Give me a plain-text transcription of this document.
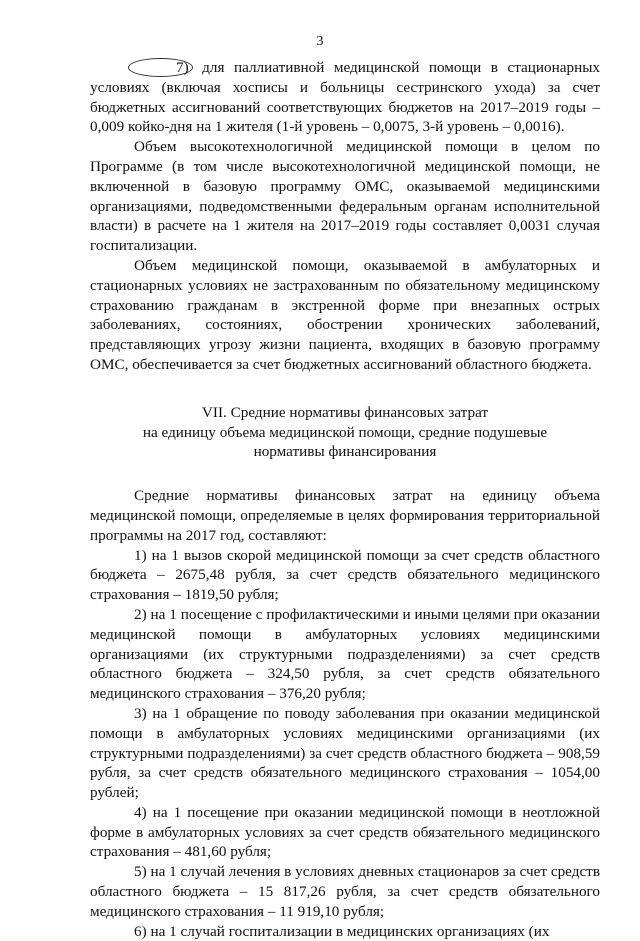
3

7) для паллиативной медицинской помощи в стационарных условиях (включая хосписы и больницы сестринского ухода) за счет бюджетных ассигнований соответствующих бюджетов на 2017–2019 годы – 0,009 койко-дня на 1 жителя (1-й уровень – 0,0075, 3-й уровень – 0,0016).

Объем высокотехнологичной медицинской помощи в целом по Программе (в том числе высокотехнологичной медицинской помощи, не включенной в базовую программу ОМС, оказываемой медицинскими организациями, подведомственными федеральным органам исполнительной власти) в расчете на 1 жителя на 2017–2019 годы составляет 0,0031 случая госпитализации.

Объем медицинской помощи, оказываемой в амбулаторных и стационарных условиях не застрахованным по обязательному медицинскому страхованию гражданам в экстренной форме при внезапных острых заболеваниях, состояниях, обострении хронических заболеваний, представляющих угрозу жизни пациента, входящих в базовую программу ОМС, обеспечивается за счет бюджетных ассигнований областного бюджета.

VII. Средние нормативы финансовых затрат
на единицу объема медицинской помощи, средние подушевые
нормативы финансирования

Средние нормативы финансовых затрат на единицу объема медицинской помощи, определяемые в целях формирования территориальной программы на 2017 год, составляют:

1) на 1 вызов скорой медицинской помощи за счет средств областного бюджета – 2675,48 рубля, за счет средств обязательного медицинского страхования – 1819,50 рубля;

2) на 1 посещение с профилактическими и иными целями при оказании медицинской помощи в амбулаторных условиях медицинскими организациями (их структурными подразделениями) за счет средств областного бюджета – 324,50 рубля, за счет средств обязательного медицинского страхования – 376,20 рубля;

3) на 1 обращение по поводу заболевания при оказании медицинской помощи в амбулаторных условиях медицинскими организациями (их структурными подразделениями) за счет средств областного бюджета – 908,59 рубля, за счет средств обязательного медицинского страхования – 1054,00 рублей;

4) на 1 посещение при оказании медицинской помощи в неотложной форме в амбулаторных условиях за счет средств обязательного медицинского страхования – 481,60 рубля;

5) на 1 случай лечения в условиях дневных стационаров за счет средств областного бюджета – 15 817,26 рубля, за счет средств обязательного медицинского страхования – 11 919,10 рубля;

6) на 1 случай госпитализации в медицинских организациях (их
